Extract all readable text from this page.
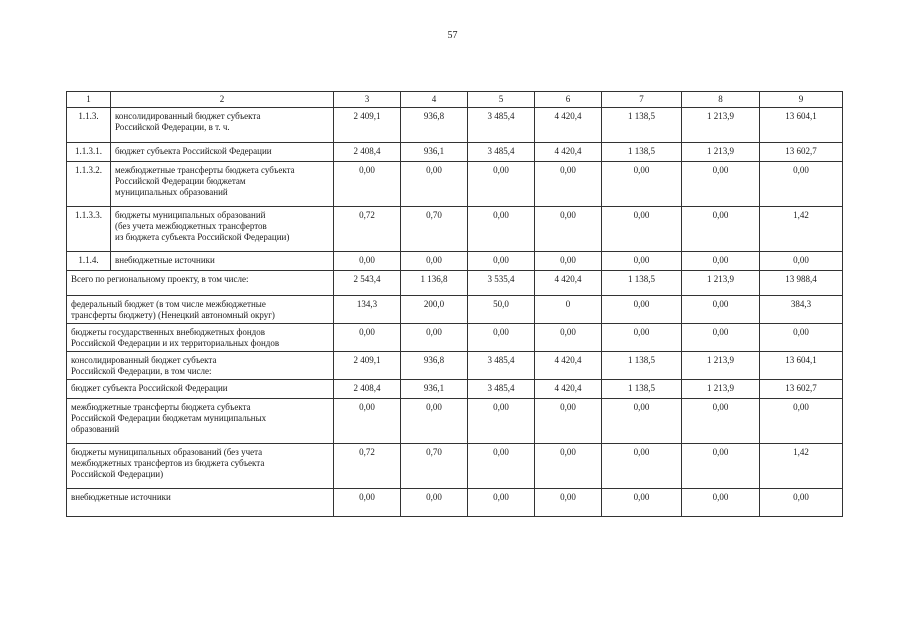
57
1	2	3	4	5	6	7	8	9
1.1.3.	консолидированный бюджет субъекта
Российской Федерации, в т. ч.	2 409,1	936,8	3 485,4	4 420,4	1 138,5	1 213,9	13 604,1
1.1.3.1.	бюджет субъекта Российской Федерации	2 408,4	936,1	3 485,4	4 420,4	1 138,5	1 213,9	13 602,7
1.1.3.2.	межбюджетные трансферты бюджета субъекта
Российской Федерации бюджетам
муниципальных образований	0,00	0,00	0,00	0,00	0,00	0,00	0,00
1.1.3.3.	бюджеты муниципальных образований
(без учета межбюджетных трансфертов
из бюджета субъекта Российской Федерации)	0,72	0,70	0,00	0,00	0,00	0,00	1,42
1.1.4.	внебюджетные источники	0,00	0,00	0,00	0,00	0,00	0,00	0,00
Всего по региональному проекту, в том числе:		2 543,4	1 136,8	3 535,4	4 420,4	1 138,5	1 213,9	13 988,4
федеральный бюджет (в том числе межбюджетные
трансферты бюджету) (Ненецкий автономный округ)		134,3	200,0	50,0	0	0,00	0,00	384,3
бюджеты государственных внебюджетных фондов
Российской Федерации и их территориальных фондов		0,00	0,00	0,00	0,00	0,00	0,00	0,00
консолидированный бюджет субъекта
Российской Федерации, в том числе:		2 409,1	936,8	3 485,4	4 420,4	1 138,5	1 213,9	13 604,1
бюджет субъекта Российской Федерации		2 408,4	936,1	3 485,4	4 420,4	1 138,5	1 213,9	13 602,7
межбюджетные трансферты бюджета субъекта
Российской Федерации бюджетам муниципальных
образований		0,00	0,00	0,00	0,00	0,00	0,00	0,00
бюджеты муниципальных образований (без учета
межбюджетных трансфертов из бюджета субъекта
Российской Федерации)		0,72	0,70	0,00	0,00	0,00	0,00	1,42
внебюджетные источники		0,00	0,00	0,00	0,00	0,00	0,00	0,00
